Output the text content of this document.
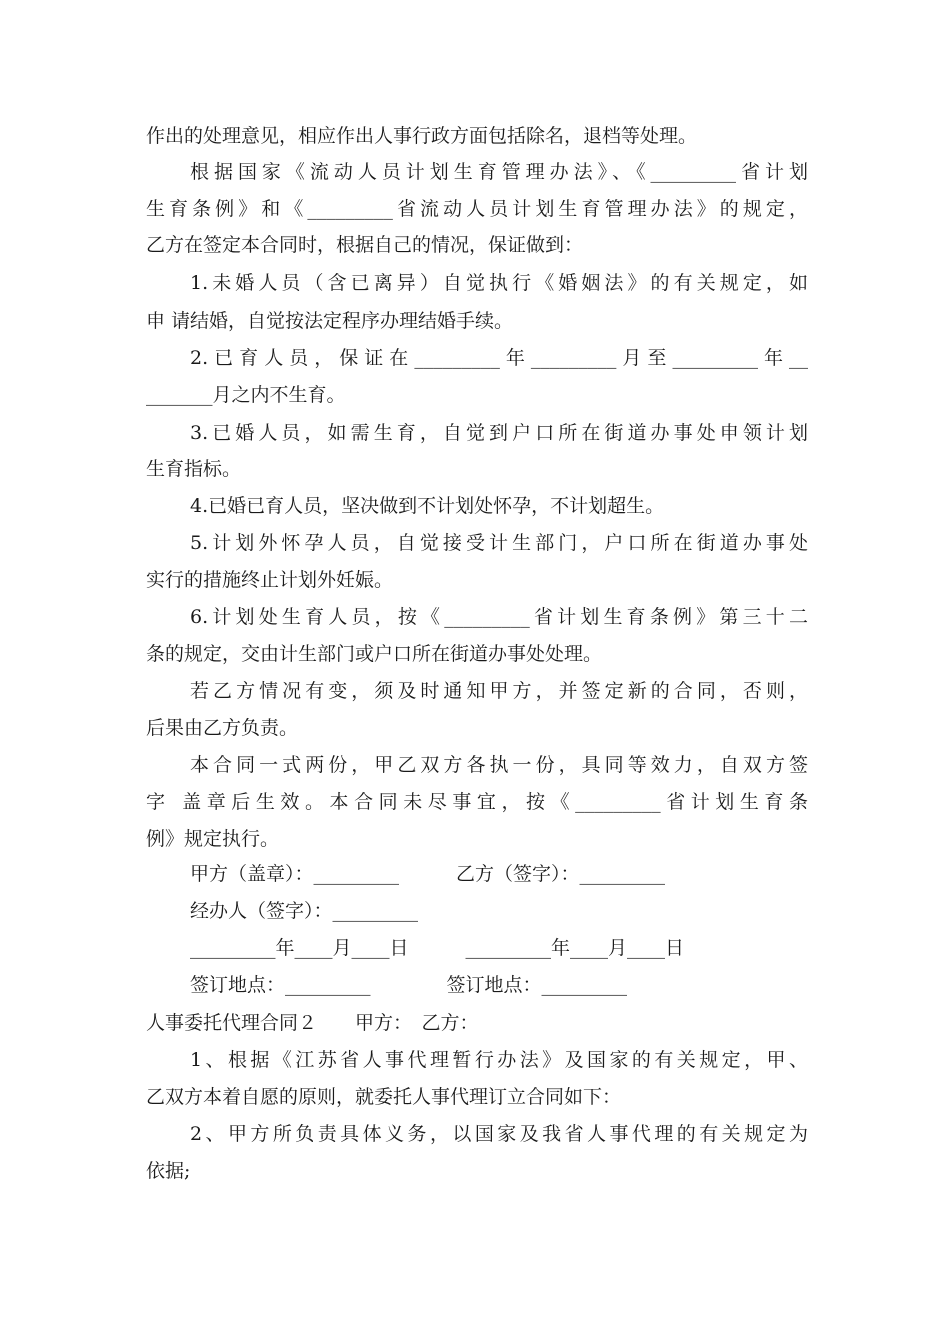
作出的处理意见，相应作出人事行政方面包括除名，退档等处理。
根据国家《流动人员计划生育管理办法》、《_________省计划
生育条例》和《_________省流动人员计划生育管理办法》的规定，
乙方在签定本合同时，根据自己的情况，保证做到：
1.未婚人员（含已离异）自觉执行《婚姻法》的有关规定，如
申 请结婚，自觉按法定程序办理结婚手续。
2.已育人员，保证在_________年_________月至_________年__
_______月之内不生育。
3.已婚人员，如需生育，自觉到户口所在街道办事处申领计划
生育指标。
4.已婚已育人员，坚决做到不计划处怀孕，不计划超生。
5.计划外怀孕人员，自觉接受计生部门，户口所在街道办事处
实行的措施终止计划外妊娠。
6.计划处生育人员，按《_________省计划生育条例》第三十二
条的规定，交由计生部门或户口所在街道办事处处理。
若乙方情况有变，须及时通知甲方，并签定新的合同，否则，
后果由乙方负责。
本合同一式两份，甲乙双方各执一份，具同等效力，自双方签
字 盖章后生效。本合同未尽事宜，按《_________省计划生育条
例》规定执行。
甲方（盖章）：_________　　　乙方（签字）：_________
经办人（签字）：_________
_________年____月____日　　　_________年____月____日
签订地点：_________　　　　签订地点：_________
人事委托代理合同２　　甲方：　乙方：
1、根据《江苏省人事代理暂行办法》及国家的有关规定，甲、
乙双方本着自愿的原则，就委托人事代理订立合同如下：
2、甲方所负责具体义务，以国家及我省人事代理的有关规定为
依据;
